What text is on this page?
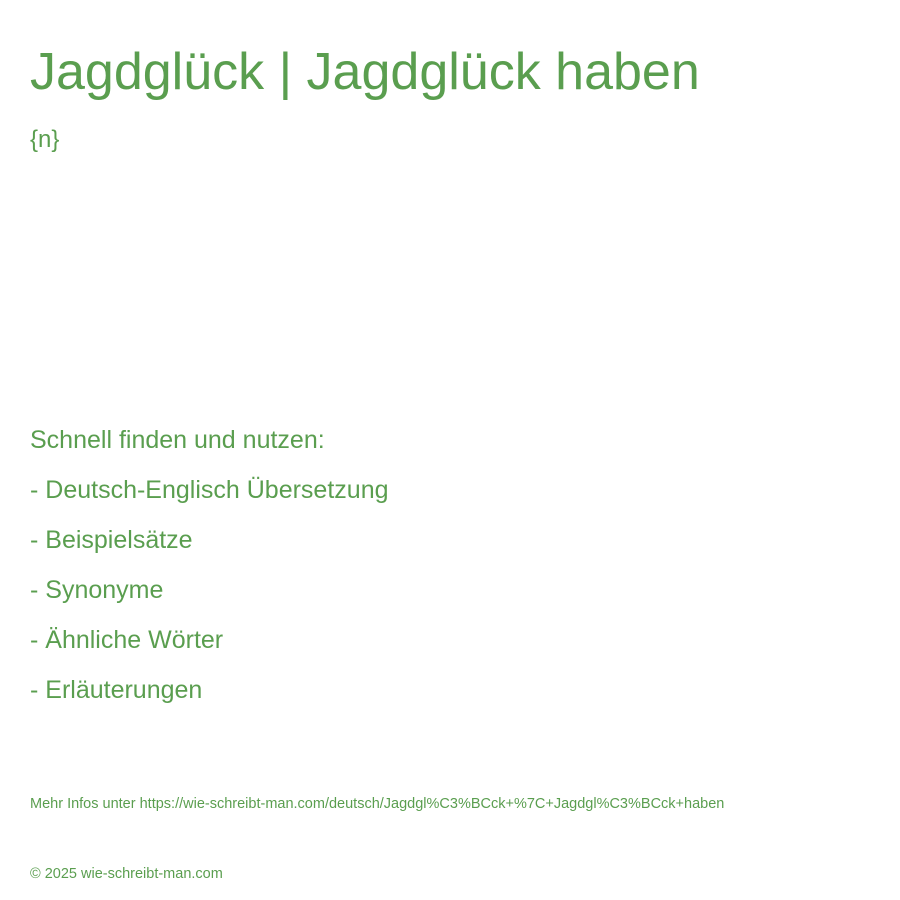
Jagdglück | Jagdglück haben
{n}
Schnell finden und nutzen:
- Deutsch-Englisch Übersetzung
- Beispielsätze
- Synonyme
- Ähnliche Wörter
- Erläuterungen
Mehr Infos unter https://wie-schreibt-man.com/deutsch/Jagdgl%C3%BCck+%7C+Jagdgl%C3%BCck+haben
© 2025 wie-schreibt-man.com
